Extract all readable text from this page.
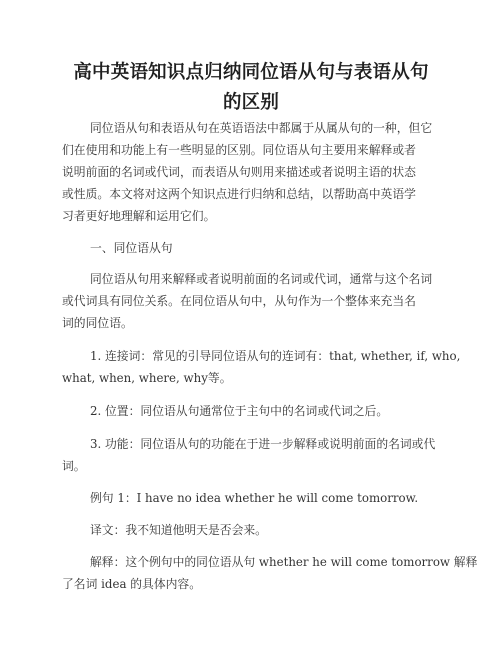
高中英语知识点归纳同位语从句与表语从句
的区别
同位语从句和表语从句在英语语法中都属于从属从句的一种，但它
们在使用和功能上有一些明显的区别。同位语从句主要用来解释或者
说明前面的名词或代词，而表语从句则用来描述或者说明主语的状态
或性质。本文将对这两个知识点进行归纳和总结，以帮助高中英语学
习者更好地理解和运用它们。
一、同位语从句
同位语从句用来解释或者说明前面的名词或代词，通常与这个名词
或代词具有同位关系。在同位语从句中，从句作为一个整体来充当名
词的同位语。
1. 连接词：常见的引导同位语从句的连词有：that, whether, if, who,
what, when, where, why等。
2. 位置：同位语从句通常位于主句中的名词或代词之后。
3. 功能：同位语从句的功能在于进一步解释或说明前面的名词或代
词。
例句 1：I have no idea whether he will come tomorrow.
译文：我不知道他明天是否会来。
解释：这个例句中的同位语从句 whether he will come tomorrow 解释
了名词 idea 的具体内容。
